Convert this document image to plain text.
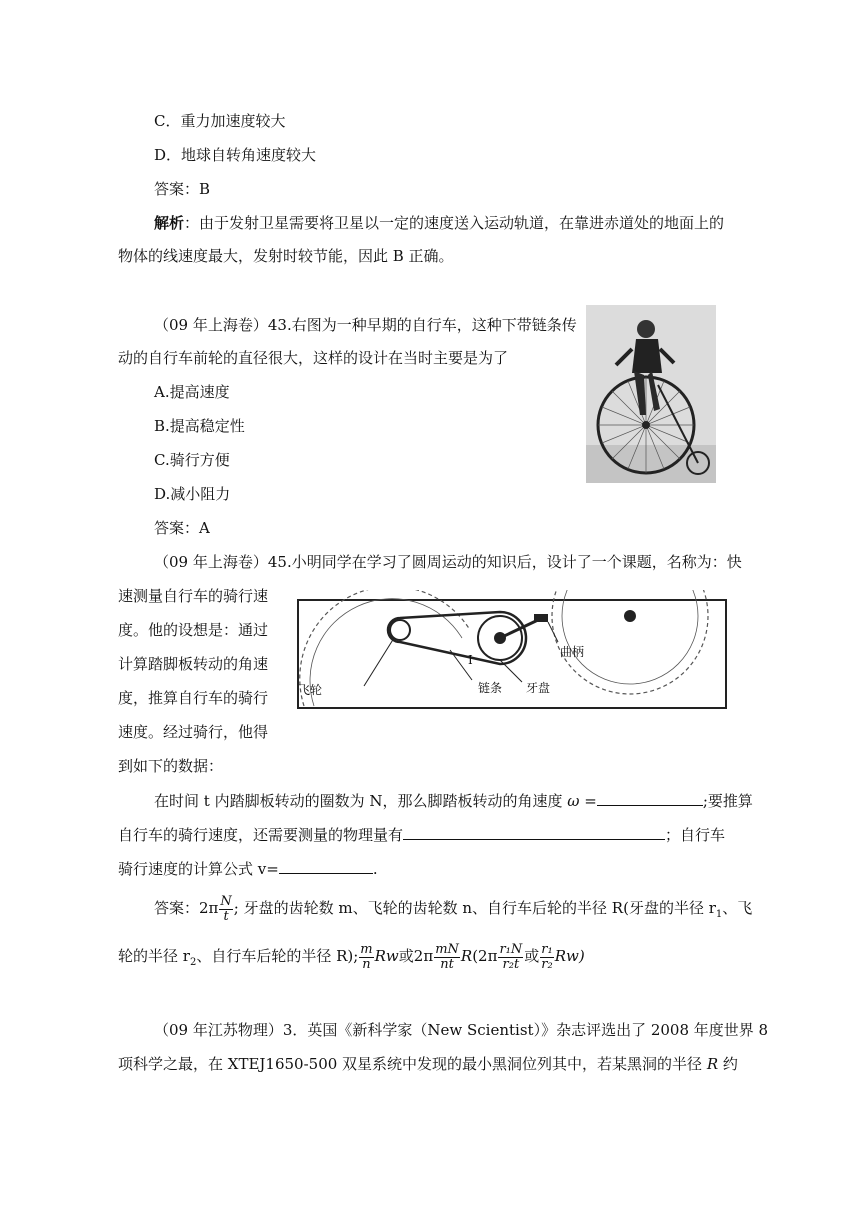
C．重力加速度较大
D．地球自转角速度较大
答案：B
解析：由于发射卫星需要将卫星以一定的速度送入运动轨道，在靠进赤道处的地面上的
物体的线速度最大，发射时较节能，因此 B 正确。
（09 年上海卷）43.右图为一种早期的自行车，这种下带链条传
动的自行车前轮的直径很大，这样的设计在当时主要是为了
A.提高速度
B.提高稳定性
C.骑行方便
D.减小阻力
答案：A
（09 年上海卷）45.小明同学在学习了圆周运动的知识后，设计了一个课题，名称为：快
速测量自行车的骑行速
度。他的设想是：通过
计算踏脚板转动的角速
度，推算自行车的骑行
速度。经过骑行，他得
到如下的数据：
曲柄
飞轮	链条 牙盘
I
在时间 t 内踏脚板转动的圈数为 N，那么脚踏板转动的角速度 ω =	;要推算
自行车的骑行速度，还需要测量的物理量有	；自行车
骑行速度的计算公式 v=	.
答案：$2\pi \frac{N}{t}$ ; 牙盘的齿轮数 m、飞轮的齿轮数 n、自行车后轮的半径 R(牙盘的半径 $r_1$、飞
轮的半径 $r_2$、自行车后轮的半径 R); $\frac{m}{n}$ Rw或$2\pi \frac{mN}{nt} R(2\pi \frac{\text{r₁N}}{\text{r₂t}}$ 或 $\frac{\text{r₁}}{\text{r₂}} Rw$)
（09 年江苏物理）3．英国《新科学家（New Scientist）》杂志评选出了 2008 年度世界 8
项科学之最，在 XTEJ1650-500 双星系统中发现的最小黑洞位列其中，若某黑洞的半径 R 约
